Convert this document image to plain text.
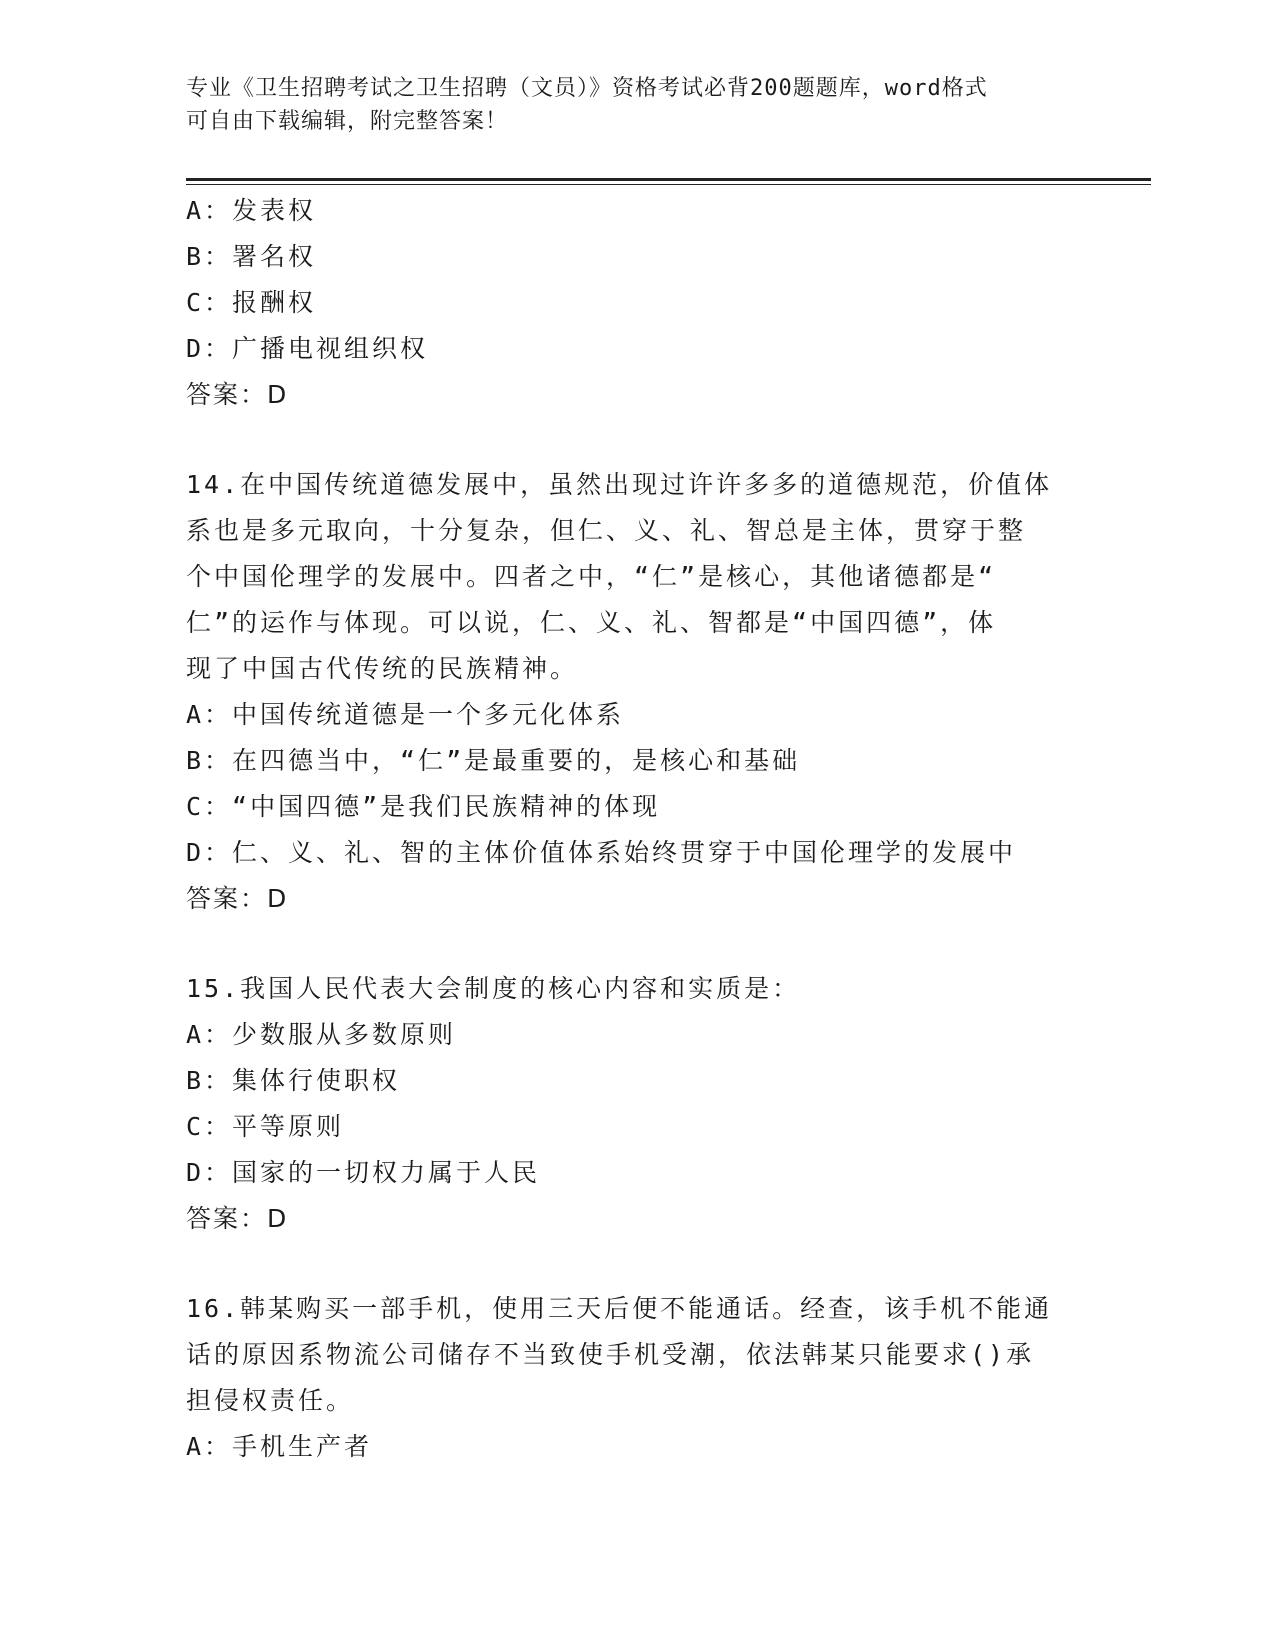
专业《卫生招聘考试之卫生招聘（文员）》资格考试必背200题题库，word格式
可自由下载编辑，附完整答案！
A：发表权
B：署名权
C：报酬权
D：广播电视组织权
答案：D
14.在中国传统道德发展中，虽然出现过许许多多的道德规范，价值体
系也是多元取向，十分复杂，但仁、义、礼、智总是主体，贯穿于整
个中国伦理学的发展中。四者之中，“仁”是核心，其他诸德都是“
仁”的运作与体现。可以说，仁、义、礼、智都是“中国四德”，体
现了中国古代传统的民族精神。
A：中国传统道德是一个多元化体系
B：在四德当中，“仁”是最重要的，是核心和基础
C：“中国四德”是我们民族精神的体现
D：仁、义、礼、智的主体价值体系始终贯穿于中国伦理学的发展中
答案：D
15.我国人民代表大会制度的核心内容和实质是：
A：少数服从多数原则
B：集体行使职权
C：平等原则
D：国家的一切权力属于人民
答案：D
16.韩某购买一部手机，使用三天后便不能通话。经查，该手机不能通
话的原因系物流公司储存不当致使手机受潮，依法韩某只能要求()承
担侵权责任。
A：手机生产者
